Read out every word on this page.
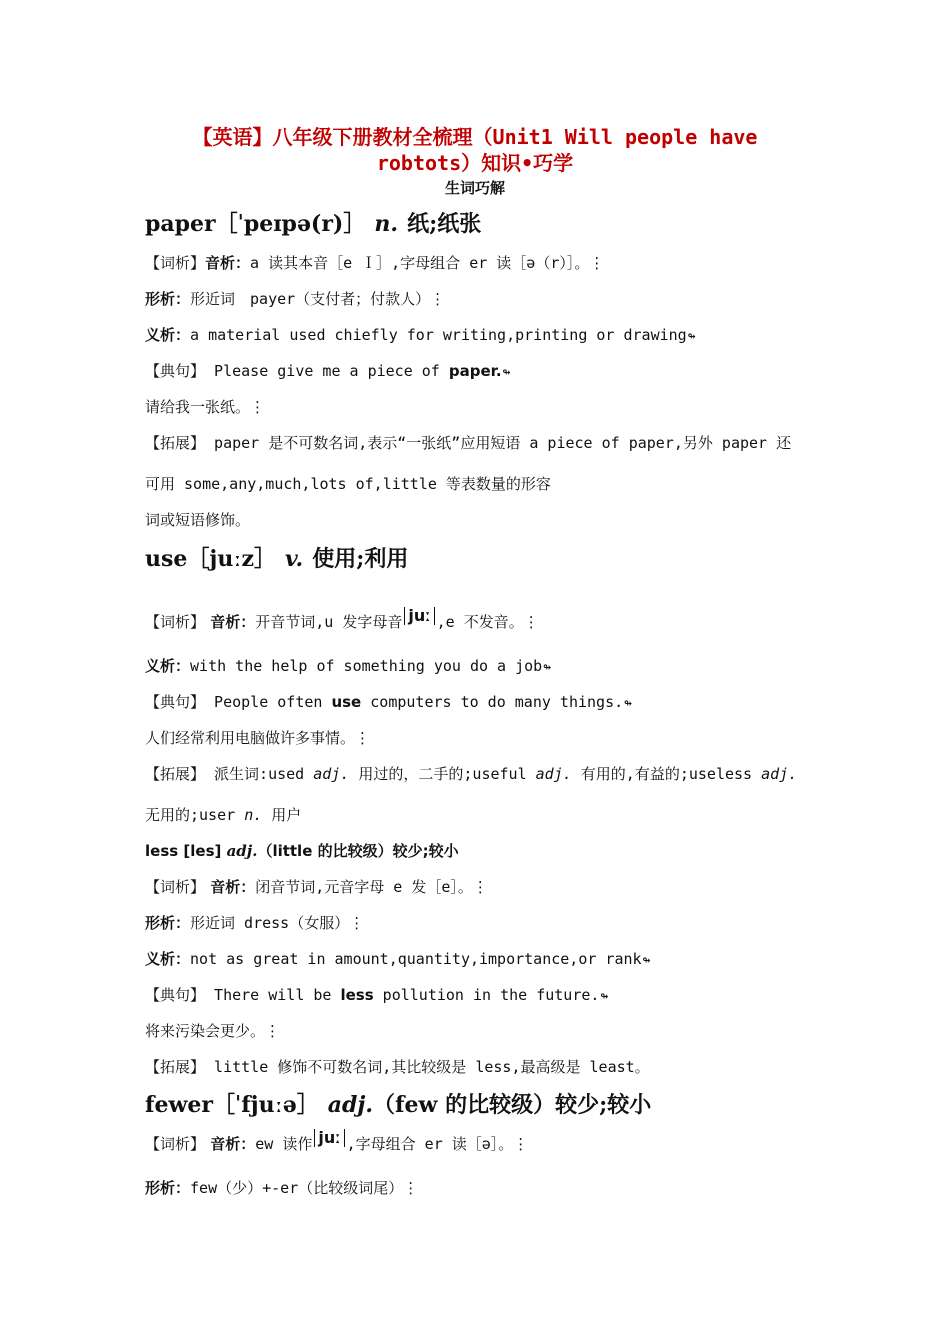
【英语】八年级下册教材全梳理（Unit1 Will people have
robtots）知识•巧学
生词巧解
paper［ˈpeɪpə(r)］ n. 纸;纸张
【词析】音析：a 读其本音［e Ｉ］,字母组合 er 读［ə（r）］。⋮
形析：形近词　payer（支付者；付款人）⋮
义析：a material used chiefly for writing,printing or drawing↬
【典句】 Please give me a piece of paper.↬
请给我一张纸。⋮
【拓展】 paper 是不可数名词,表示“一张纸”应用短语 a piece of paper,另外 paper 还
可用 some,any,much,lots of,little 等表数量的形容
词或短语修饰。
use［juːz］ v. 使用;利用
【词析】 音析：开音节词,u 发字母音 juː ,e 不发音。⋮
义析：with the help of something you do a job↬
【典句】 People often use computers to do many things.↬
人们经常利用电脑做许多事情。⋮
【拓展】 派生词:used adj. 用过的，二手的;useful adj. 有用的,有益的;useless adj.
无用的;user n. 用户
less [les] adj.（little 的比较级）较少;较小
【词析】 音析：闭音节词,元音字母 e 发［e］。⋮
形析：形近词 dress（女服）⋮
义析：not as great in amount,quantity,importance,or rank↬
【典句】 There will be less pollution in the future.↬
将来污染会更少。⋮
【拓展】 little 修饰不可数名词,其比较级是 less,最高级是 least。
fewer［ˈfjuːə］ adj.（few 的比较级）较少;较小
【词析】 音析：ew 读作 juː ,字母组合 er 读［ə］。⋮
形析：few（少）+-er（比较级词尾）⋮
